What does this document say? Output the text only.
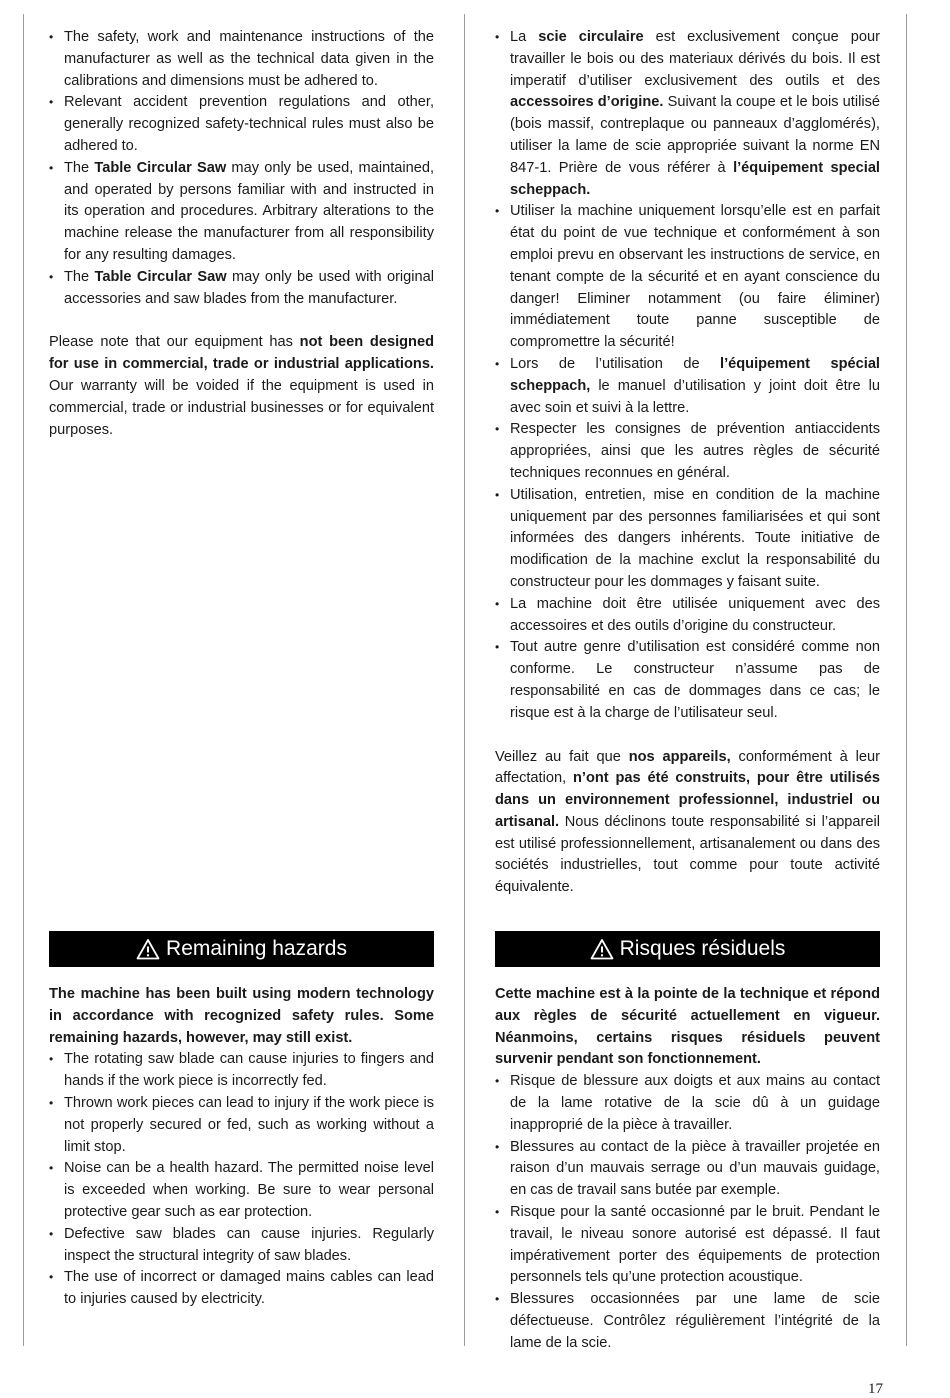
• The safety, work and maintenance instructions of the manufacturer as well as the technical data given in the calibrations and dimensions must be adhered to.
• Relevant accident prevention regulations and other, generally recognized safety-technical rules must also be adhered to.
• The Table Circular Saw may only be used, maintained, and operated by persons familiar with and instructed in its operation and procedures. Arbitrary alterations to the machine release the manufacturer from all responsibility for any resulting damages.
• The Table Circular Saw may only be used with original accessories and saw blades from the manufacturer.

Please note that our equipment has not been designed for use in commercial, trade or industrial applications. Our warranty will be voided if the equipment is used in commercial, trade or industrial businesses or for equivalent purposes.

Remaining hazards

The machine has been built using modern technology in accordance with recognized safety rules. Some remaining hazards, however, may still exist.

• The rotating saw blade can cause injuries to fingers and hands if the work piece is incorrectly fed.
• Thrown work pieces can lead to injury if the work piece is not properly secured or fed, such as working without a limit stop.
• Noise can be a health hazard. The permitted noise level is exceeded when working. Be sure to wear personal protective gear such as ear protection.
• Defective saw blades can cause injuries. Regularly inspect the structural integrity of saw blades.
• The use of incorrect or damaged mains cables can lead to injuries caused by electricity.
• La scie circulaire est exclusivement conçue pour travailler le bois ou des materiaux dérivés du bois. Il est imperatif d’utiliser exclusivement des outils et des accessoires d’origine. Suivant la coupe et le bois utilisé (bois massif, contreplaque ou panneaux d’agglomérés), utiliser la lame de scie appropriée suivant la norme EN 847-1. Prière de vous référer à l’équipement special scheppach.
• Utiliser la machine uniquement lorsqu’elle est en parfait état du point de vue technique et conformément à son emploi prevu en observant les instructions de service, en tenant compte de la sécurité et en ayant conscience du danger! Eliminer notamment (ou faire éliminer) immédiatement toute panne susceptible de compromettre la sécurité!
• Lors de l’utilisation de l’équipement spécial scheppach, le manuel d’utilisation y joint doit être lu avec soin et suivi à la lettre.
• Respecter les consignes de prévention antiaccidents appropriées, ainsi que les autres règles de sécurité techniques reconnues en général.
• Utilisation, entretien, mise en condition de la machine uniquement par des personnes familiarisées et qui sont informées des dangers inhérents. Toute initiative de modification de la machine exclut la responsabilité du constructeur pour les dommages y faisant suite.
• La machine doit être utilisée uniquement avec des accessoires et des outils d’origine du constructeur.
• Tout autre genre d’utilisation est considéré comme non conforme. Le constructeur n’assume pas de responsabilité en cas de dommages dans ce cas; le risque est à la charge de l’utilisateur seul.

Veillez au fait que nos appareils, conformément à leur affectation, n’ont pas été construits, pour être utilisés dans un environnement professionnel, industriel ou artisanal. Nous déclinons toute responsabilité si l’appareil est utilisé professionnellement, artisanalement ou dans des sociétés industrielles, tout comme pour toute activité équivalente.

Risques résiduels

Cette machine est à la pointe de la technique et répond aux règles de sécurité actuellement en vigueur. Néanmoins, certains risques résiduels peuvent survenir pendant son fonctionnement.

• Risque de blessure aux doigts et aux mains au contact de la lame rotative de la scie dû à un guidage inapproprié de la pièce à travailler.
• Blessures au contact de la pièce à travailler projetée en raison d’un mauvais serrage ou d’un mauvais guidage, en cas de travail sans butée par exemple.
• Risque pour la santé occasionné par le bruit. Pendant le travail, le niveau sonore autorisé est dépassé. Il faut impérativement porter des équipements de protection personnels tels qu’une protection acoustique.
• Blessures occasionnées par une lame de scie défectueuse. Contrôlez régulièrement l’intégrité de la lame de la scie.
17
